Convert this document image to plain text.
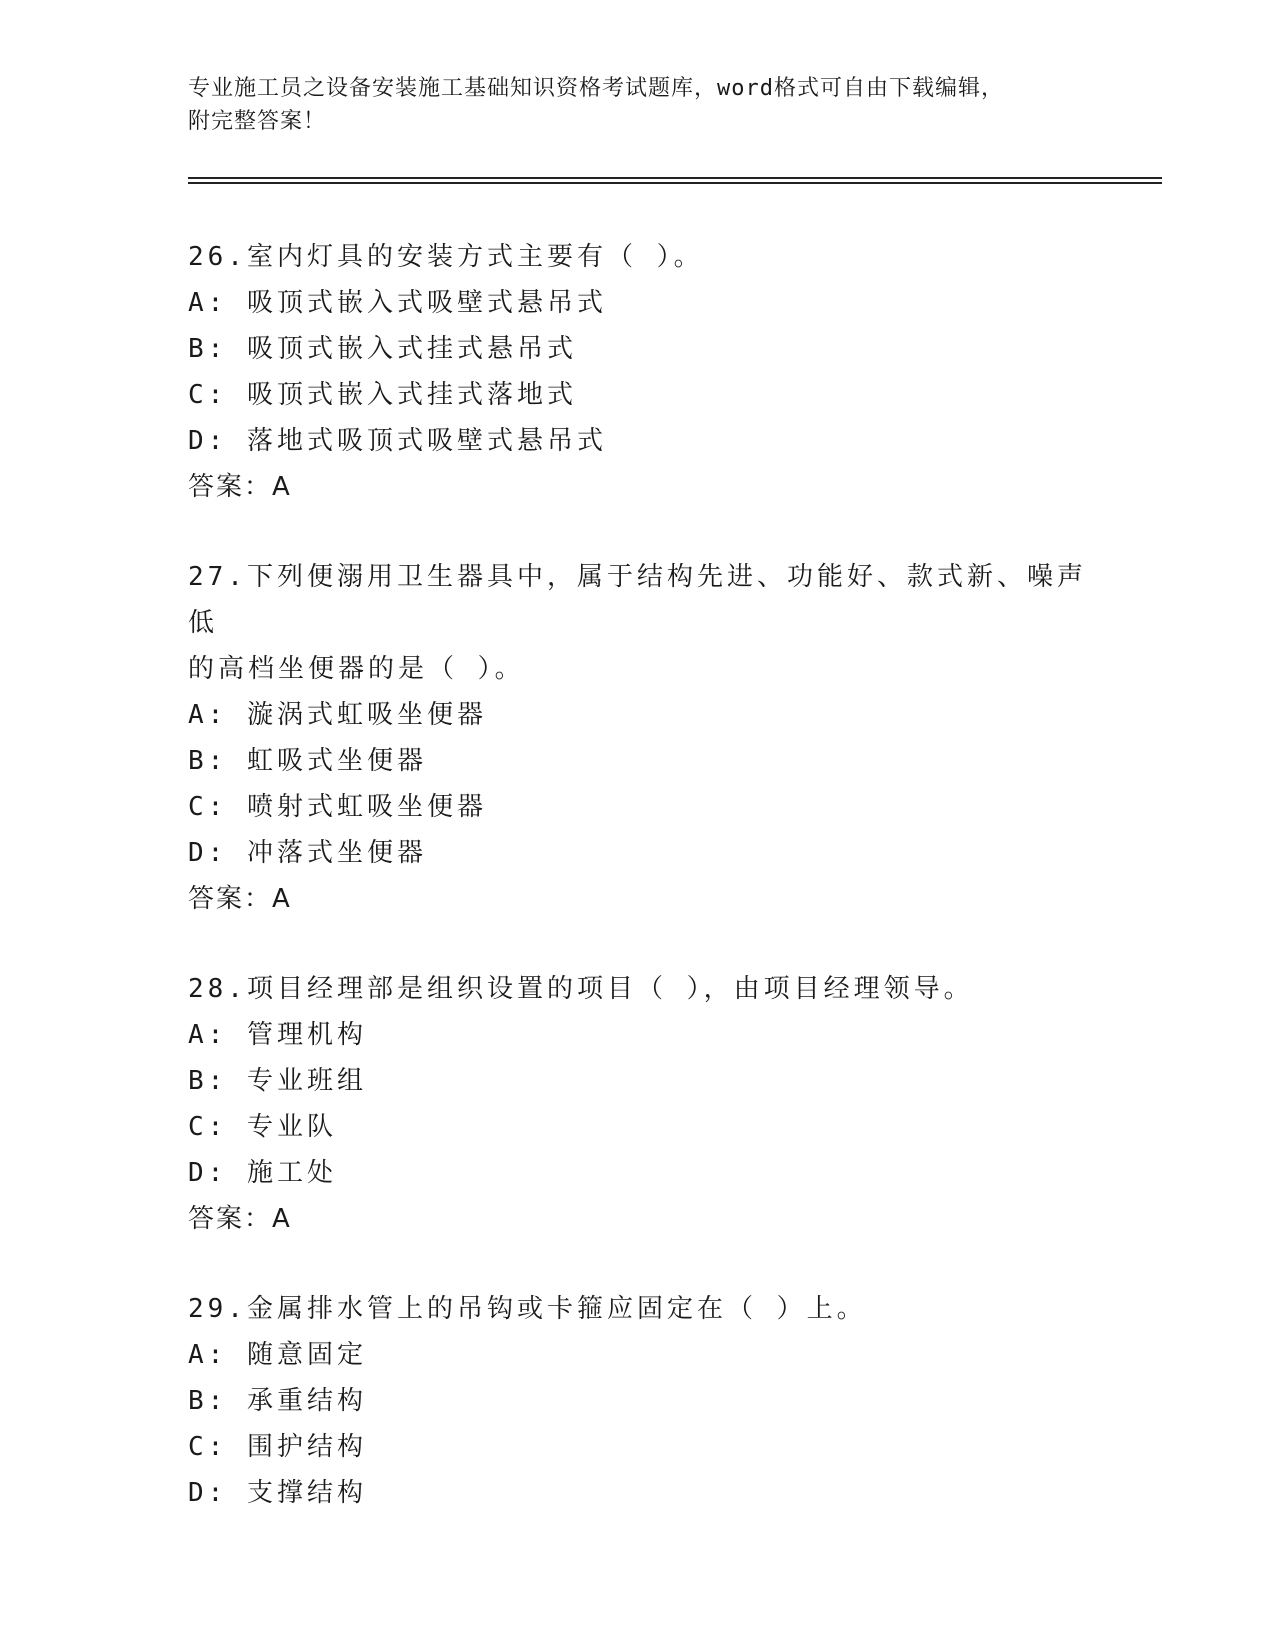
专业施工员之设备安装施工基础知识资格考试题库，word格式可自由下载编辑，
附完整答案！
26.室内灯具的安装方式主要有（ ）。
A: 吸顶式嵌入式吸壁式悬吊式
B: 吸顶式嵌入式挂式悬吊式
C: 吸顶式嵌入式挂式落地式
D: 落地式吸顶式吸壁式悬吊式
答案：A
27.下列便溺用卫生器具中，属于结构先进、功能好、款式新、噪声低
的高档坐便器的是（ ）。
A: 漩涡式虹吸坐便器
B: 虹吸式坐便器
C: 喷射式虹吸坐便器
D: 冲落式坐便器
答案：A
28.项目经理部是组织设置的项目（ ），由项目经理领导。
A: 管理机构
B: 专业班组
C: 专业队
D: 施工处
答案：A
29.金属排水管上的吊钩或卡箍应固定在（ ）上。
A: 随意固定
B: 承重结构
C: 围护结构
D: 支撑结构
